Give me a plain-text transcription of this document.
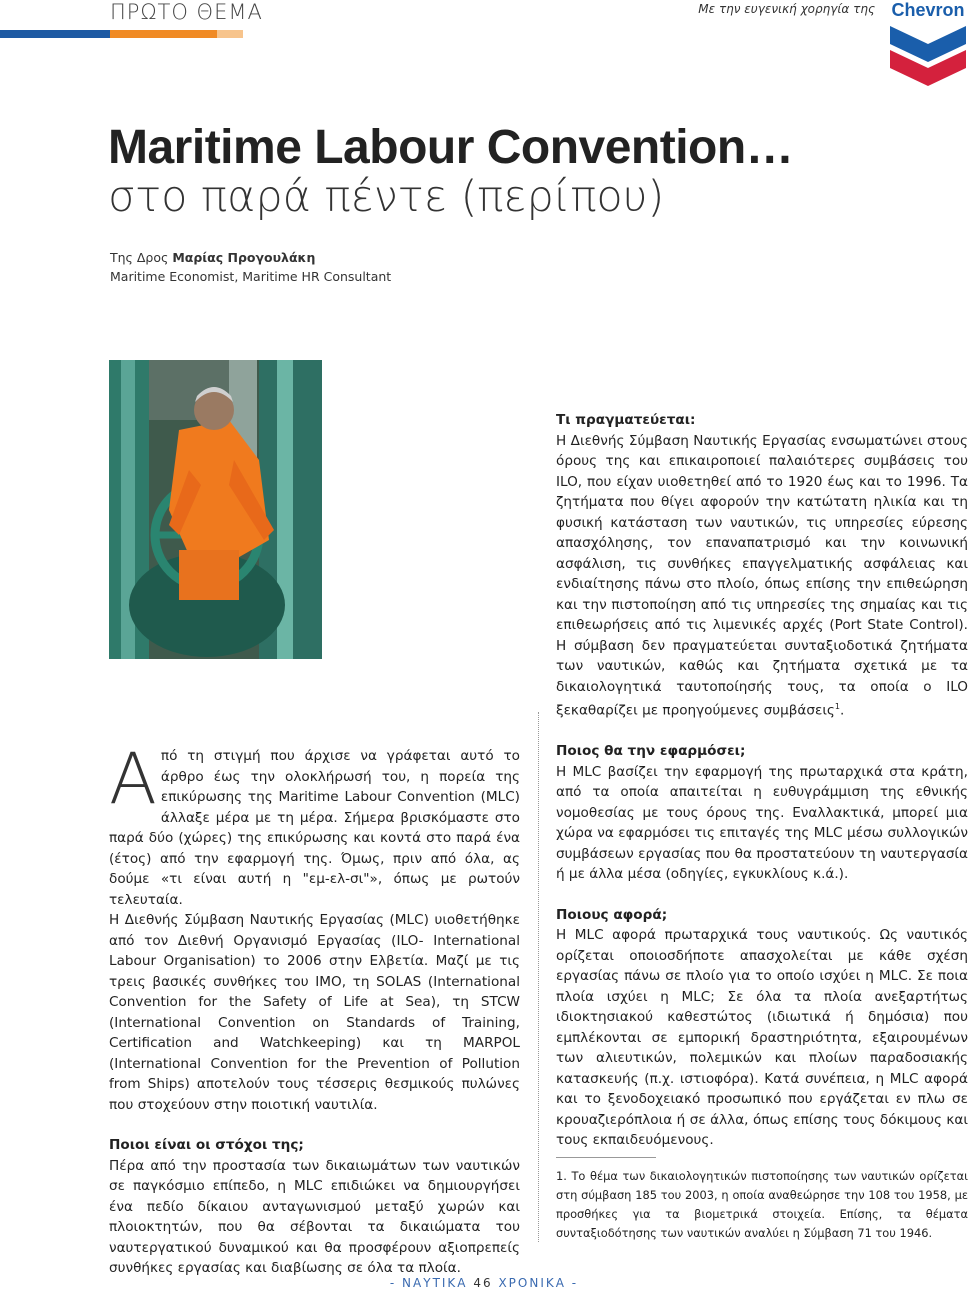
ΠΡΩΤΟ ΘΕΜΑ	Με την ευγενική χορηγία της Chevron
Maritime Labour Convention…
στο παρά πέντε (περίπου)
Της Δρος Μαρίας Προγουλάκη
Maritime Economist, Maritime HR Consultant

Από τη στιγμή που άρχισε να γράφεται αυτό το άρθρο έως την ολοκλήρωσή του, η πορεία της επικύρωσης της Maritime Labour Convention (MLC) άλλαξε μέρα με τη μέρα. Σήμερα βρισκόμαστε στο παρά δύο (χώρες) της επικύρωσης και κοντά στο παρά ένα (έτος) από την εφαρμογή της. Όμως, πριν από όλα, ας δούμε «τι είναι αυτή η "εμ-ελ-σι"», όπως με ρωτούν τελευταία.

Η Διεθνής Σύμβαση Ναυτικής Εργασίας (MLC) υιοθετήθηκε από τον Διεθνή Οργανισμό Εργασίας (ILO- International Labour Organisation) το 2006 στην Ελβετία. Μαζί με τις τρεις βασικές συνθήκες του IMO, τη SOLAS (International Convention for the Safety of Life at Sea), τη STCW (International Convention on Standards of Training, Certification and Watchkeeping) και τη MARPOL (International Convention for the Prevention of Pollution from Ships) αποτελούν τους τέσσερις θεσμικούς πυλώνες που στοχεύουν στην ποιοτική ναυτιλία.

Ποιοι είναι οι στόχοι της;

Πέρα από την προστασία των δικαιωμάτων των ναυτικών σε παγκόσμιο επίπεδο, η MLC επιδιώκει να δημιουργήσει ένα πεδίο δίκαιου ανταγωνισμού μεταξύ χωρών και πλοιοκτητών, που θα σέβονται τα δικαιώματα του ναυτεργατικού δυναμικού και θα προσφέρουν αξιοπρεπείς συνθήκες εργασίας και διαβίωσης σε όλα τα πλοία.

Τι πραγματεύεται:

Η Διεθνής Σύμβαση Ναυτικής Εργασίας ενσωματώνει στους όρους της και επικαιροποιεί παλαιότερες συμβάσεις του ILO, που είχαν υιοθετηθεί από το 1920 έως και το 1996. Τα ζητήματα που θίγει αφορούν την κατώτατη ηλικία και τη φυσική κατάσταση των ναυτικών, τις υπηρεσίες εύρεσης απασχόλησης, τον επαναπατρισμό και την κοινωνική ασφάλιση, τις συνθήκες επαγγελματικής ασφάλειας και ενδιαίτησης πάνω στο πλοίο, όπως επίσης την επιθεώρηση και την πιστοποίηση από τις υπηρεσίες της σημαίας και τις επιθεωρήσεις από τις λιμενικές αρχές (Port State Control). Η σύμβαση δεν πραγματεύεται συνταξιοδοτικά ζητήματα των ναυτικών, καθώς και ζητήματα σχετικά με τα δικαιολογητικά ταυτοποίησής τους, τα οποία ο ILO ξεκαθαρίζει με προηγούμενες συμβάσεις$^1$.

Ποιος θα την εφαρμόσει;

Η MLC βασίζει την εφαρμογή της πρωταρχικά στα κράτη, από τα οποία απαιτείται η ευθυγράμμιση της εθνικής νομοθεσίας με τους όρους της. Εναλλακτικά, μπορεί μια χώρα να εφαρμόσει τις επιταγές της MLC μέσω συλλογικών συμβάσεων εργασίας που θα προστατεύουν τη ναυτεργασία ή με άλλα μέσα (οδηγίες, εγκυκλίους κ.ά.).

Ποιους αφορά;

Η MLC αφορά πρωταρχικά τους ναυτικούς. Ως ναυτικός ορίζεται οποιοσδήποτε απασχολείται με κάθε σχέση εργασίας πάνω σε πλοίο για το οποίο ισχύει η MLC. Σε ποια πλοία ισχύει η MLC; Σε όλα τα πλοία ανεξαρτήτως ιδιοκτησιακού καθεστώτος (ιδιωτικά ή δημόσια) που εμπλέκονται σε εμπορική δραστηριότητα, εξαιρουμένων των αλιευτικών, πολεμικών και πλοίων παραδοσιακής κατασκευής (π.χ. ιστιοφόρα). Κατά συνέπεια, η MLC αφορά και το ξενοδοχειακό προσωπικό που εργάζεται εν πλω σε κρουαζιερόπλοια ή σε άλλα, όπως επίσης τους δόκιμους και τους εκπαιδευόμενους.

1. Το θέμα των δικαιολογητικών πιστοποίησης των ναυτικών ορίζεται στη σύμβαση 185 του 2003, η οποία αναθεώρησε την 108 του 1958, με προσθήκες για τα βιομετρικά στοιχεία. Επίσης, τα θέματα συνταξιοδότησης των ναυτικών αναλύει η Σύμβαση 71 του 1946.
- ΝΑΥΤΙΚΑ 46 ΧΡΟΝΙΚΑ -
